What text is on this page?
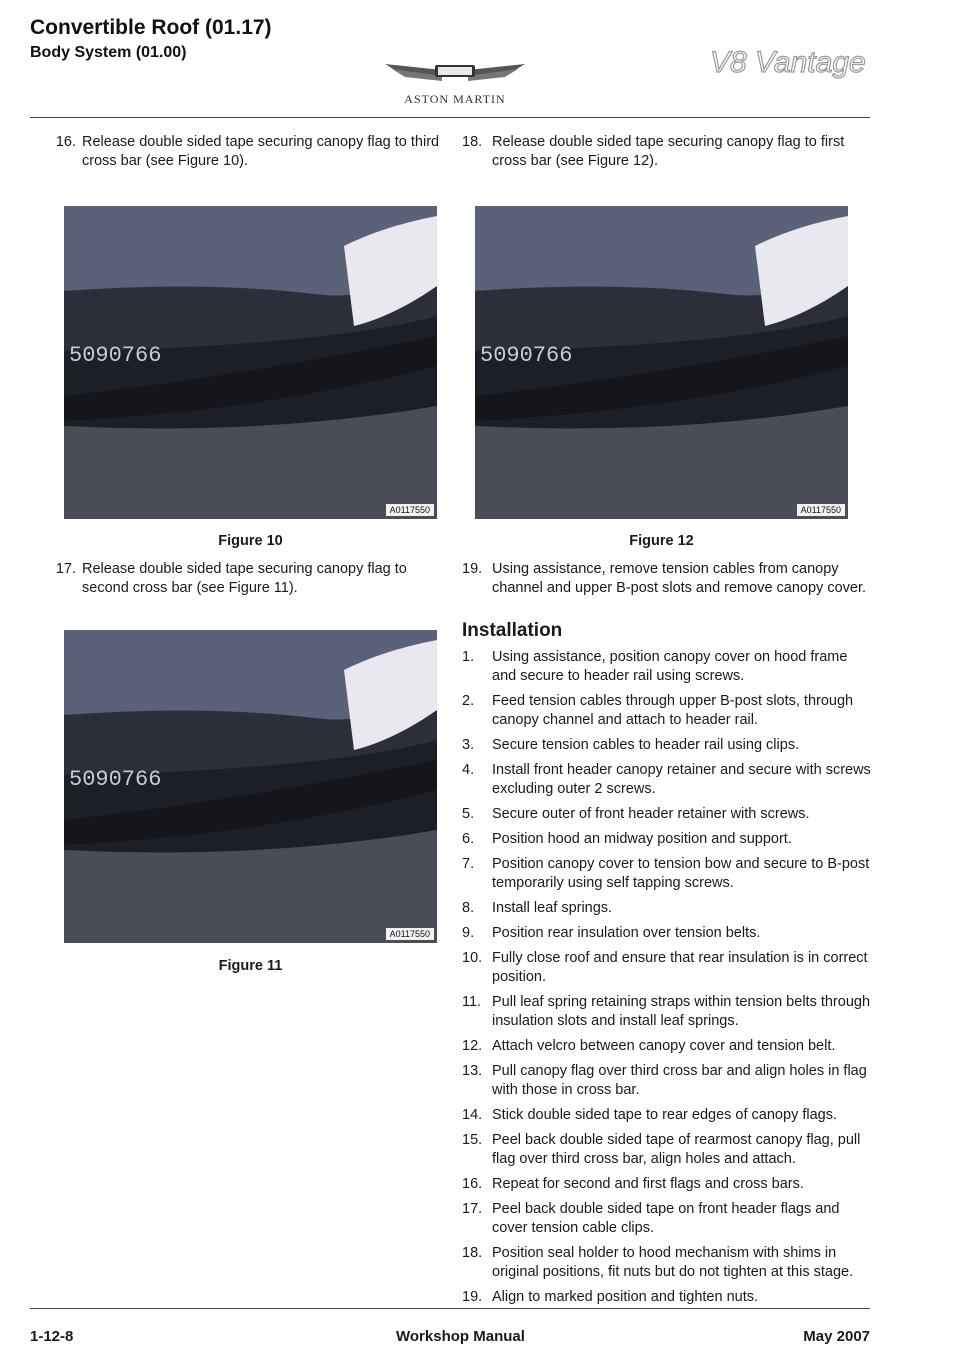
Convertible Roof (01.17)
Body System (01.00)
ASTON MARTIN
V8 Vantage
16. Release double sided tape securing canopy flag to third cross bar (see Figure 10).
5090766
A0117550
Figure 10
17. Release double sided tape securing canopy flag to second cross bar (see Figure 11).
5090766
A0117550
Figure 11
18. Release double sided tape securing canopy flag to first cross bar (see Figure 12).
5090766
A0117550
Figure 12
19. Using assistance, remove tension cables from canopy channel and upper B-post slots and remove canopy cover.
Installation
1.	Using assistance, position canopy cover on hood frame and secure to header rail using screws.
2.	Feed tension cables through upper B-post slots, through canopy channel and attach to header rail.
3.	Secure tension cables to header rail using clips.
4.	Install front header canopy retainer and secure with screws excluding outer 2 screws.
5.	Secure outer of front header retainer with screws.
6.	Position hood an midway position and support.
7.	Position canopy cover to tension bow and secure to B-post temporarily using self tapping screws.
8.	Install leaf springs.
9.	Position rear insulation over tension belts.
10. Fully close roof and ensure that rear insulation is in correct position.
11. Pull leaf spring retaining straps within tension belts through insulation slots and install leaf springs.
12. Attach velcro between canopy cover and tension belt.
13. Pull canopy flag over third cross bar and align holes in flag with those in cross bar.
14. Stick double sided tape to rear edges of canopy flags.
15. Peel back double sided tape of rearmost canopy flag, pull flag over third cross bar, align holes and attach.
16. Repeat for second and first flags and cross bars.
17. Peel back double sided tape on front header flags and cover tension cable clips.
18. Position seal holder to hood mechanism with shims in original positions, fit nuts but do not tighten at this stage.
19. Align to marked position and tighten nuts.
1-12-8	Workshop Manual	May 2007
